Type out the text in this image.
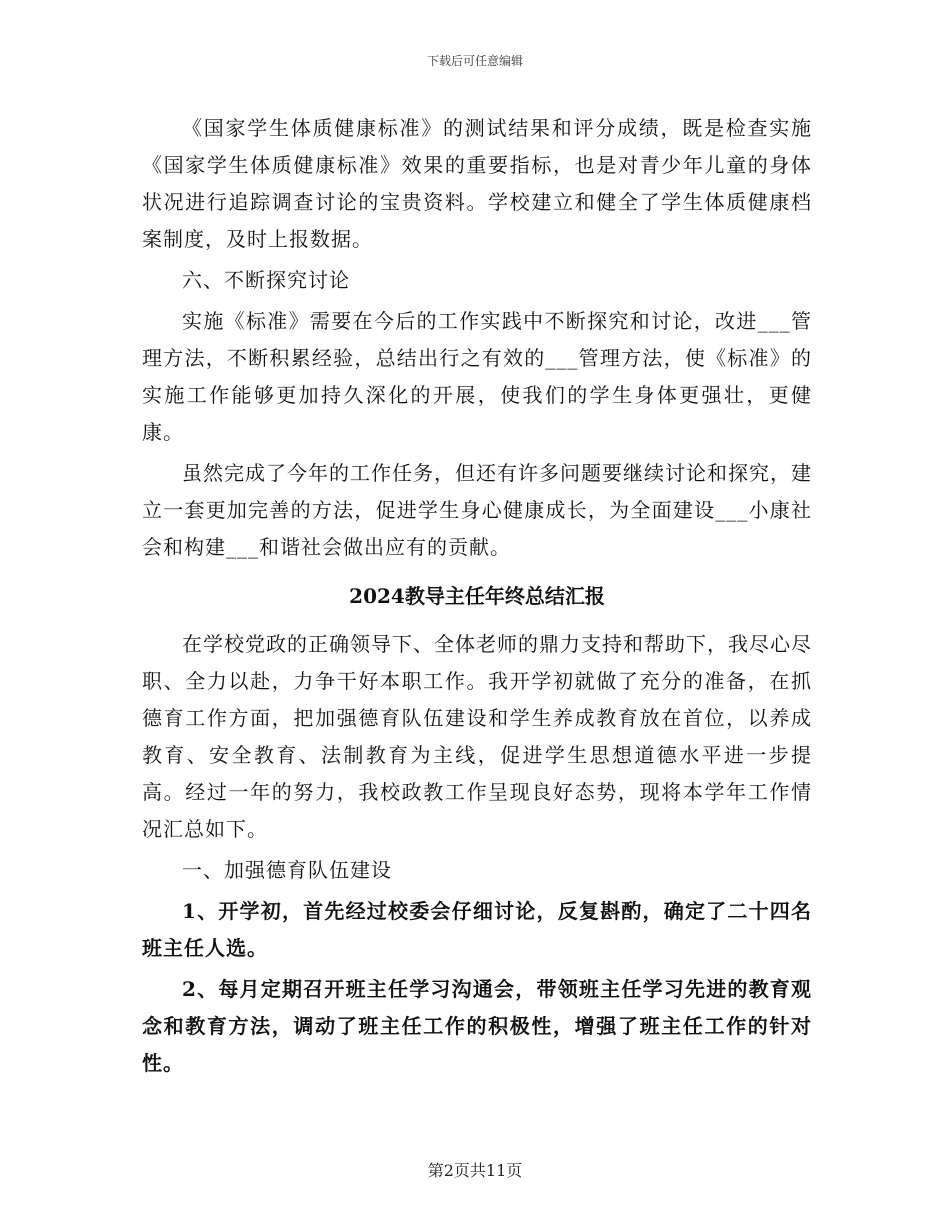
下载后可任意编辑

《国家学生体质健康标准》的测试结果和评分成绩，既是检查实施《国家学生体质健康标准》效果的重要指标，也是对青少年儿童的身体状况进行追踪调查讨论的宝贵资料。学校建立和健全了学生体质健康档案制度，及时上报数据。

六、不断探究讨论

实施《标准》需要在今后的工作实践中不断探究和讨论，改进___管理方法，不断积累经验，总结出行之有效的___管理方法，使《标准》的实施工作能够更加持久深化的开展，使我们的学生身体更强壮，更健康。

虽然完成了今年的工作任务，但还有许多问题要继续讨论和探究，建立一套更加完善的方法，促进学生身心健康成长，为全面建设___小康社会和构建___和谐社会做出应有的贡献。

2024教导主任年终总结汇报

在学校党政的正确领导下、全体老师的鼎力支持和帮助下，我尽心尽职、全力以赴，力争干好本职工作。我开学初就做了充分的准备，在抓德育工作方面，把加强德育队伍建设和学生养成教育放在首位，以养成教育、安全教育、法制教育为主线，促进学生思想道德水平进一步提高。经过一年的努力，我校政教工作呈现良好态势，现将本学年工作情况汇总如下。

一、加强德育队伍建设

1、开学初，首先经过校委会仔细讨论，反复斟酌，确定了二十四名班主任人选。

2、每月定期召开班主任学习沟通会，带领班主任学习先进的教育观念和教育方法，调动了班主任工作的积极性，增强了班主任工作的针对性。

第2页共11页
